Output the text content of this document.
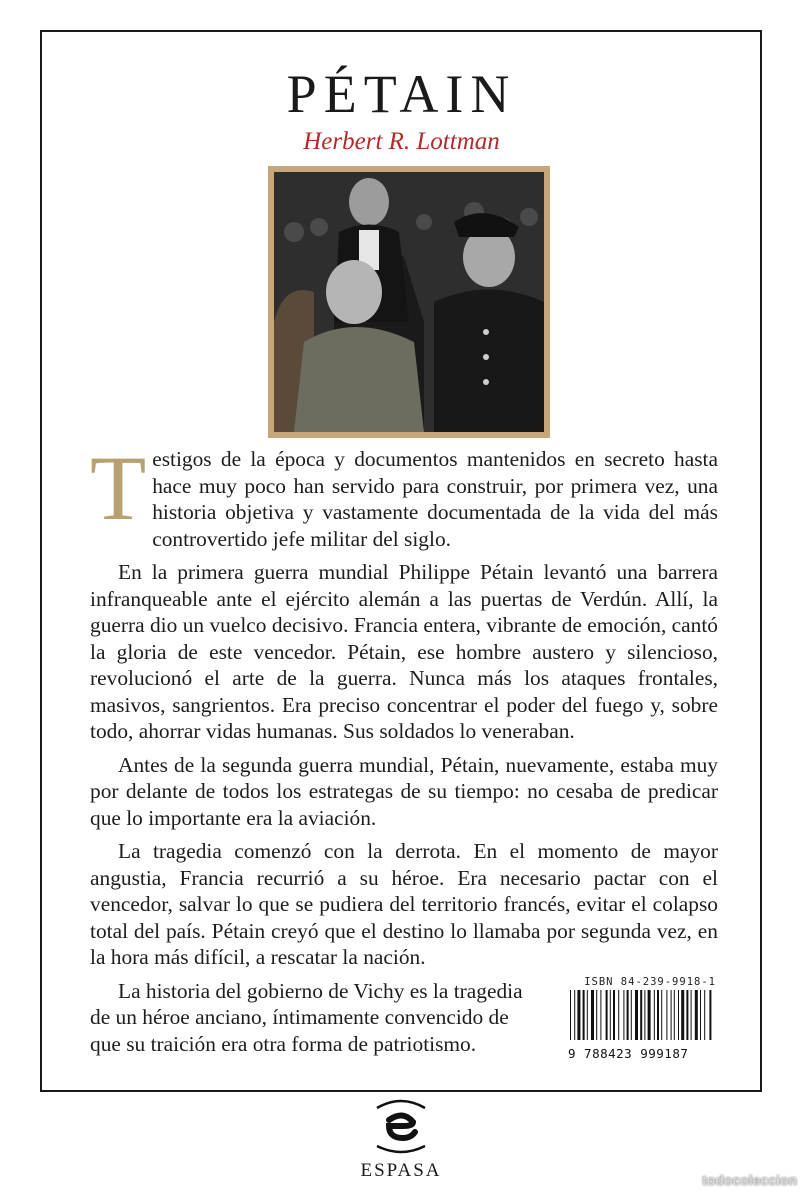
PÉTAIN
Herbert R. Lottman

Testigos de la época y documentos mantenidos en secreto hasta hace muy poco han servido para construir, por primera vez, una historia objetiva y vastamente documentada de la vida del más controvertido jefe militar del siglo.

En la primera guerra mundial Philippe Pétain levantó una barrera infranqueable ante el ejército alemán a las puertas de Verdún. Allí, la guerra dio un vuelco decisivo. Francia entera, vibrante de emoción, cantó la gloria de este vencedor. Pétain, ese hombre austero y silencioso, revolucionó el arte de la guerra. Nunca más los ataques frontales, masivos, sangrientos. Era preciso concentrar el poder del fuego y, sobre todo, ahorrar vidas humanas. Sus soldados lo veneraban.

Antes de la segunda guerra mundial, Pétain, nuevamente, estaba muy por delante de todos los estrategas de su tiempo: no cesaba de predicar que lo importante era la aviación.

La tragedia comenzó con la derrota. En el momento de mayor angustia, Francia recurrió a su héroe. Era necesario pactar con el vencedor, salvar lo que se pudiera del territorio francés, evitar el colapso total del país. Pétain creyó que el destino lo llamaba por segunda vez, en la hora más difícil, a rescatar la nación.

La historia del gobierno de Vichy es la tragedia de un héroe anciano, íntimamente convencido de que su traición era otra forma de patriotismo.

ISBN 84-239-9918-1
9 788423 999187
ESPASA	todocoleccion
